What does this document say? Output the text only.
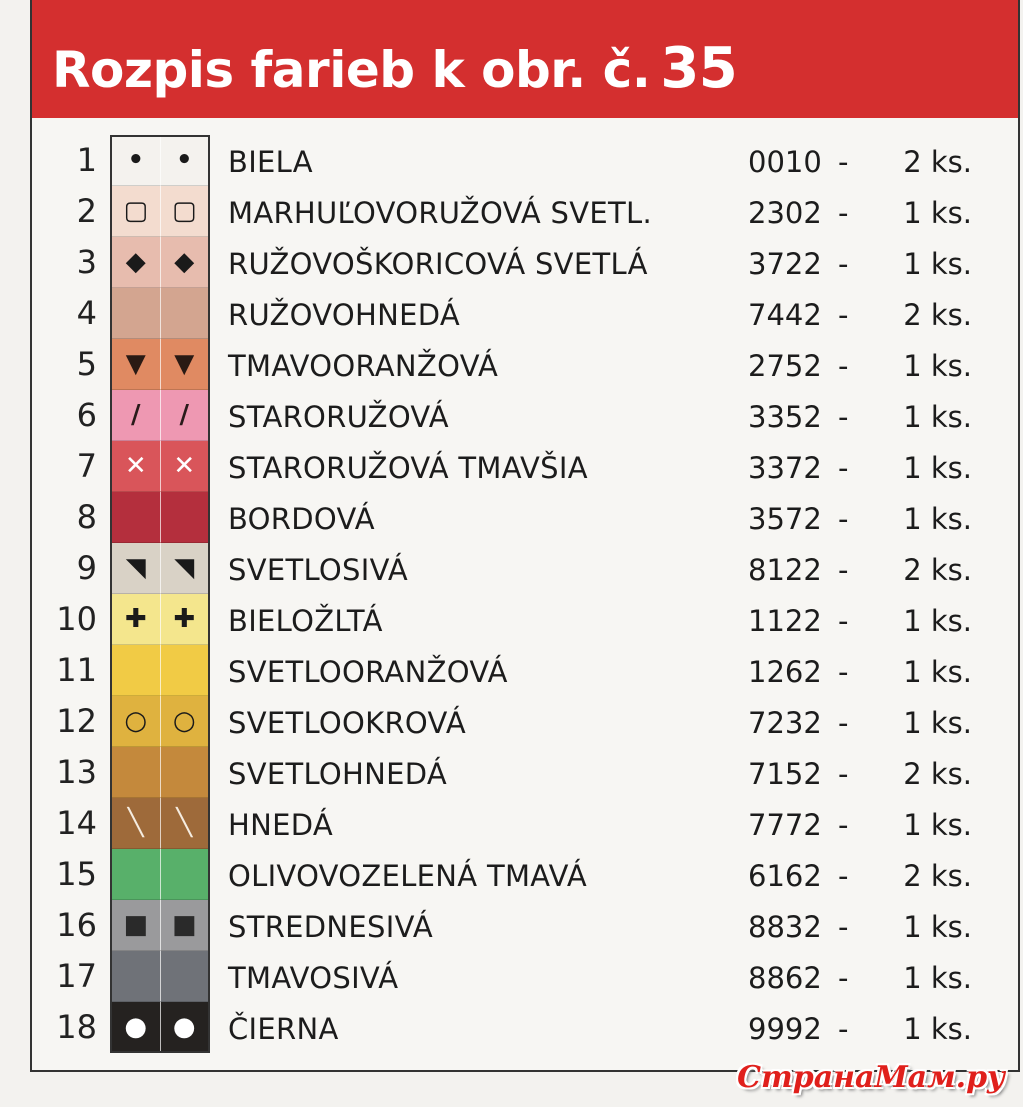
Rozpis farieb k obr. č. 35
1	•	•	BIELA	0010 -	2 ks.
2	▢ ▢	MARHUĽOVORUŽOVÁ SVETL.	2302 -	1 ks.
3	◆	◆	RUŽOVOŠKORICOVÁ SVETLÁ	3722 -	1 ks.
4	RUŽOVOHNEDÁ	7442 -	2 ks.
5	▼	▼	TMAVOORANŽOVÁ	2752 -	1 ks.
6	/	/	STARORUŽOVÁ	3352 -	1 ks.
7	✕	✕	STARORUŽOVÁ TMAVŠIA	3372 -	1 ks.
8	BORDOVÁ	3572 -	1 ks.
9	◥	◥	SVETLOSIVÁ	8122 -	2 ks.
10	✚	✚	BIELOŽLTÁ	1122 -	1 ks.
11	SVETLOORANŽOVÁ	1262 -	1 ks.
12	○ ○	SVETLOOKROVÁ	7232 -	1 ks.
13	SVETLOHNEDÁ	7152 -	2 ks.
14	╲	╲	HNEDÁ	7772 -	1 ks.
15	OLIVOVOZELENÁ TMAVÁ	6162 -	2 ks.
16	■ ■	STREDNESIVÁ	8832 -	1 ks.
17	TMAVOSIVÁ	8862 -	1 ks.
18	● ●	ČIERNA	9992 -	1 ks.
СтранаМам.ру
